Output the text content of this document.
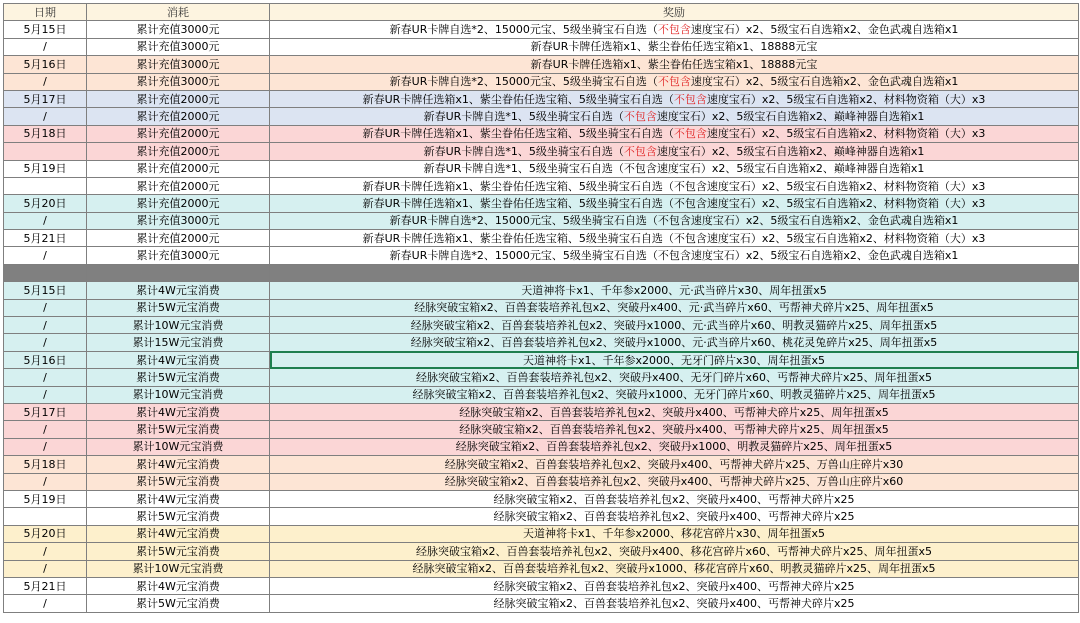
日期	消耗	奖励
5月15日	累计充值3000元	新春UR卡牌自选*2、15000元宝、5级坐骑宝石自选（不包含速度宝石）x2、5级宝石自选箱x2、金色武魂自选箱x1
/	累计充值3000元	新春UR卡牌任选箱x1、紫尘眷佑任选宝箱x1、18888元宝
5月16日	累计充值3000元	新春UR卡牌任选箱x1、紫尘眷佑任选宝箱x1、18888元宝
/	累计充值3000元	新春UR卡牌自选*2、15000元宝、5级坐骑宝石自选（不包含速度宝石）x2、5级宝石自选箱x2、金色武魂自选箱x1
5月17日	累计充值2000元	新春UR卡牌任选箱x1、紫尘眷佑任选宝箱、5级坐骑宝石自选（不包含速度宝石）x2、5级宝石自选箱x2、材料物资箱（大）x3
/	累计充值2000元	新春UR卡牌自选*1、5级坐骑宝石自选（不包含速度宝石）x2、5级宝石自选箱x2、巅峰神器自选箱x1
5月18日	累计充值2000元	新春UR卡牌任选箱x1、紫尘眷佑任选宝箱、5级坐骑宝石自选（不包含速度宝石）x2、5级宝石自选箱x2、材料物资箱（大）x3
	累计充值2000元	新春UR卡牌自选*1、5级坐骑宝石自选（不包含速度宝石）x2、5级宝石自选箱x2、巅峰神器自选箱x1
5月19日	累计充值2000元	新春UR卡牌自选*1、5级坐骑宝石自选（不包含速度宝石）x2、5级宝石自选箱x2、巅峰神器自选箱x1
	累计充值2000元	新春UR卡牌任选箱x1、紫尘眷佑任选宝箱、5级坐骑宝石自选（不包含速度宝石）x2、5级宝石自选箱x2、材料物资箱（大）x3
5月20日	累计充值2000元	新春UR卡牌任选箱x1、紫尘眷佑任选宝箱、5级坐骑宝石自选（不包含速度宝石）x2、5级宝石自选箱x2、材料物资箱（大）x3
/	累计充值3000元	新春UR卡牌自选*2、15000元宝、5级坐骑宝石自选（不包含速度宝石）x2、5级宝石自选箱x2、金色武魂自选箱x1
5月21日	累计充值2000元	新春UR卡牌任选箱x1、紫尘眷佑任选宝箱、5级坐骑宝石自选（不包含速度宝石）x2、5级宝石自选箱x2、材料物资箱（大）x3
/	累计充值3000元	新春UR卡牌自选*2、15000元宝、5级坐骑宝石自选（不包含速度宝石）x2、5级宝石自选箱x2、金色武魂自选箱x1

5月15日	累计4W元宝消费	天道神将卡x1、千年参x2000、元·武当碎片x30、周年扭蛋x5
/	累计5W元宝消费	经脉突破宝箱x2、百兽套装培养礼包x2、突破丹x400、元·武当碎片x60、丐帮神犬碎片x25、周年扭蛋x5
/	累计10W元宝消费	经脉突破宝箱x2、百兽套装培养礼包x2、突破丹x1000、元·武当碎片x60、明教灵猫碎片x25、周年扭蛋x5
/	累计15W元宝消费	经脉突破宝箱x2、百兽套装培养礼包x2、突破丹x1000、元·武当碎片x60、桃花灵兔碎片x25、周年扭蛋x5
5月16日	累计4W元宝消费	天道神将卡x1、千年参x2000、无牙门碎片x30、周年扭蛋x5
/	累计5W元宝消费	经脉突破宝箱x2、百兽套装培养礼包x2、突破丹x400、无牙门碎片x60、丐帮神犬碎片x25、周年扭蛋x5
/	累计10W元宝消费	经脉突破宝箱x2、百兽套装培养礼包x2、突破丹x1000、无牙门碎片x60、明教灵猫碎片x25、周年扭蛋x5
5月17日	累计4W元宝消费	经脉突破宝箱x2、百兽套装培养礼包x2、突破丹x400、丐帮神犬碎片x25、周年扭蛋x5
/	累计5W元宝消费	经脉突破宝箱x2、百兽套装培养礼包x2、突破丹x400、丐帮神犬碎片x25、周年扭蛋x5
/	累计10W元宝消费	经脉突破宝箱x2、百兽套装培养礼包x2、突破丹x1000、明教灵猫碎片x25、周年扭蛋x5
5月18日	累计4W元宝消费	经脉突破宝箱x2、百兽套装培养礼包x2、突破丹x400、丐帮神犬碎片x25、万兽山庄碎片x30
/	累计5W元宝消费	经脉突破宝箱x2、百兽套装培养礼包x2、突破丹x400、丐帮神犬碎片x25、万兽山庄碎片x60
5月19日	累计4W元宝消费	经脉突破宝箱x2、百兽套装培养礼包x2、突破丹x400、丐帮神犬碎片x25
	累计5W元宝消费	经脉突破宝箱x2、百兽套装培养礼包x2、突破丹x400、丐帮神犬碎片x25
5月20日	累计4W元宝消费	天道神将卡x1、千年参x2000、移花宫碎片x30、周年扭蛋x5
/	累计5W元宝消费	经脉突破宝箱x2、百兽套装培养礼包x2、突破丹x400、移花宫碎片x60、丐帮神犬碎片x25、周年扭蛋x5
/	累计10W元宝消费	经脉突破宝箱x2、百兽套装培养礼包x2、突破丹x1000、移花宫碎片x60、明教灵猫碎片x25、周年扭蛋x5
5月21日	累计4W元宝消费	经脉突破宝箱x2、百兽套装培养礼包x2、突破丹x400、丐帮神犬碎片x25
/	累计5W元宝消费	经脉突破宝箱x2、百兽套装培养礼包x2、突破丹x400、丐帮神犬碎片x25
